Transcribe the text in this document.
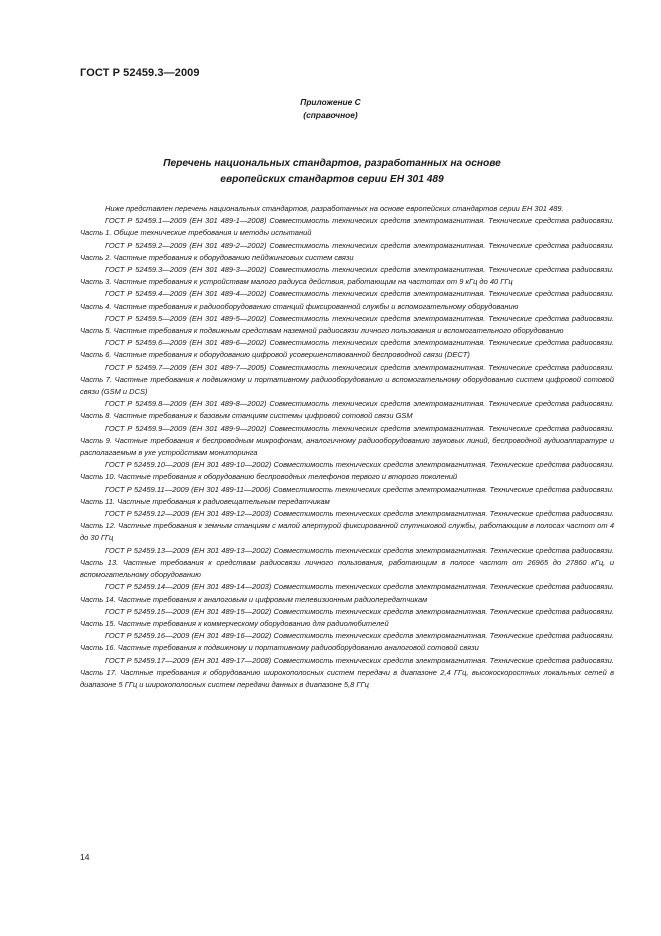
ГОСТ Р 52459.3—2009
Приложение С
(справочное)
Перечень национальных стандартов, разработанных на основе
европейских стандартов серии ЕН 301 489

Ниже представлен перечень национальных стандартов, разработанных на основе европейских стандартов серии ЕН 301 489.

ГОСТ Р 52459.1—2009 (ЕН 301 489-1—2008) Совместимость технических средств электромагнитная. Технические средства радиосвязи. Часть 1. Общие технические требования и методы испытаний

ГОСТ Р 52459.2—2009 (ЕН 301 489-2—2002) Совместимость технических средств электромагнитная. Технические средства радиосвязи. Часть 2. Частные требования к оборудованию пейджинговых систем связи

ГОСТ Р 52459.3—2009 (ЕН 301 489-3—2002) Совместимость технических средств электромагнитная. Технические средства радиосвязи. Часть 3. Частные требования к устройствам малого радиуса действия, работающим на частотах от 9 кГц до 40 ГГц

ГОСТ Р 52459.4—2009 (ЕН 301 489-4—2002) Совместимость технических средств электромагнитная. Технические средства радиосвязи. Часть 4. Частные требования к радиооборудованию станций фиксированной службы и вспомогательному оборудованию

ГОСТ Р 52459.5—2009 (ЕН 301 489-5—2002) Совместимость технических средств электромагнитная. Технические средства радиосвязи. Часть 5. Частные требования к подвижным средствам наземной радиосвязи личного пользования и вспомогательного оборудованию

ГОСТ Р 52459.6—2009 (ЕН 301 489-6—2002) Совместимость технических средств электромагнитная. Технические средства радиосвязи. Часть 6. Частные требования к оборудованию цифровой усовершенствованной беспроводной связи (DECT)

ГОСТ Р 52459.7—2009 (ЕН 301 489-7—2005) Совместимость технических средств электромагнитная. Технические средства радиосвязи. Часть 7. Частные требования к подвижному и портативному радиооборудованию и вспомогательному оборудованию систем цифровой сотовой связи (GSM и DCS)

ГОСТ Р 52459.8—2009 (ЕН 301 489-8—2002) Совместимость технических средств электромагнитная. Технические средства радиосвязи. Часть 8. Частные требования к базовым станциям системы цифровой сотовой связи GSM

ГОСТ Р 52459.9—2009 (ЕН 301 489-9—2002) Совместимость технических средств электромагнитная. Технические средства радиосвязи. Часть 9. Частные требования к беспроводным микрофонам, аналогичному радиооборудованию звуковых линий, беспроводной аудиоаппаратуре и располагаемым в ухе устройствам мониторинга

ГОСТ Р 52459.10—2009 (ЕН 301 489-10—2002) Совместимость технических средств электромагнитная. Технические средства радиосвязи. Часть 10. Частные требования к оборудованию беспроводных телефонов первого и второго поколений

ГОСТ Р 52459.11—2009 (ЕН 301 489-11—2006) Совместимость технических средств электромагнитная. Технические средства радиосвязи. Часть 11. Частные требования к радиовещательным передатчикам

ГОСТ Р 52459.12—2009 (ЕН 301 489-12—2003) Совместимость технических средств электромагнитная. Технические средства радиосвязи. Часть 12. Частные требования к земным станциям с малой апертурой фиксированной спутниковой службы, работающим в полосах частот от 4 до 30 ГГц

ГОСТ Р 52459.13—2009 (ЕН 301 489-13—2002) Совместимость технических средств электромагнитная. Технические средства радиосвязи. Часть 13. Частные требования к средствам радиосвязи личного пользования, работающим в полосе частот от 26965 до 27860 кГц, и вспомогательному оборудованию

ГОСТ Р 52459.14—2009 (ЕН 301 489-14—2003) Совместимость технических средств электромагнитная. Технические средства радиосвязи. Часть 14. Частные требования к аналоговым и цифровым телевизионным радиопередатчикам

ГОСТ Р 52459.15—2009 (ЕН 301 489-15—2002) Совместимость технических средств электромагнитная. Технические средства радиосвязи. Часть 15. Частные требования к коммерческому оборудованию для радиолюбителей

ГОСТ Р 52459.16—2009 (ЕН 301 489-16—2002) Совместимость технических средств электромагнитная. Технические средства радиосвязи. Часть 16. Частные требования к подвижному и портативному радиооборудованию аналоговой сотовой связи

ГОСТ Р 52459.17—2009 (ЕН 301 489-17—2008) Совместимость технических средств электромагнитная. Технические средства радиосвязи. Часть 17. Частные требования к оборудованию широкополосных систем передачи в диапазоне 2,4 ГГц, высокоскоростных локальных сетей в диапазоне 5 ГГц и широкополосных систем передачи данных в диапазоне 5,8 ГГц

14
